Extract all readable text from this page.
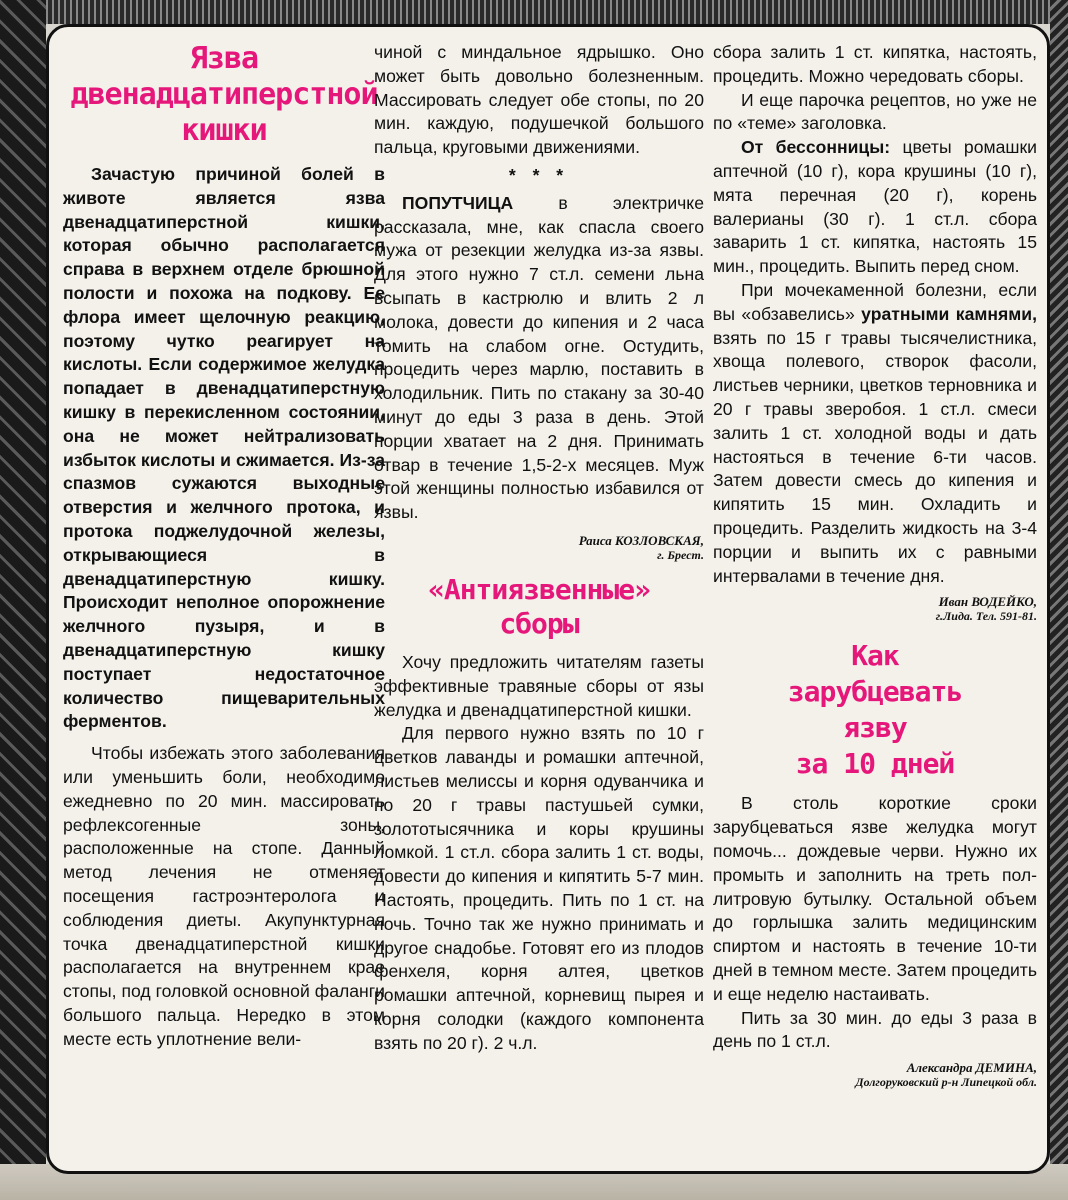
Язва
двенадцатиперстной
кишки

Зачастую причиной болей в животе является язва двенадцатиперстной кишки, которая обычно располагается справа в верхнем отделе брюшной полости и похожа на подкову. Ее флора имеет щелочную реакцию, поэтому чутко реагирует на кислоты. Если содержимое желудка попадает в двенадцатиперстную кишку в перекисленном состоянии, она не может нейтрализовать избыток кислоты и сжимается. Из-за спазмов сужаются выходные отверстия и желчного протока, и протока поджелудочной железы, открывающиеся в двенадцатиперстную кишку. Происходит неполное опорожнение желчного пузыря, и в двенадцатиперстную кишку поступает недостаточное количество пищеварительных ферментов.

Чтобы избежать этого заболевания или уменьшить боли, необходимо ежедневно по 20 мин. массировать рефлексогенные зоны, расположенные на стопе. Данный метод лечения не отменяет посещения гастроэнтеролога и соблюдения диеты. Акупунктурная точка двенадцатиперстной кишки располагается на внутреннем крае стопы, под головкой основной фаланги большого пальца. Нередко в этом месте есть уплотнение вели-

чиной с миндальное ядрышко. Оно может быть довольно болезненным. Массировать следует обе стопы, по 20 мин. каждую, подушечкой большого пальца, круговыми движениями.

* * *

ПОПУТЧИЦА в электричке рассказала, мне, как спасла своего мужа от резекции желудка из-за язвы. Для этого нужно 7 ст.л. семени льна всыпать в кастрюлю и влить 2 л молока, довести до кипения и 2 часа томить на слабом огне. Остудить, процедить через марлю, поставить в холодильник. Пить по стакану за 30-40 минут до еды 3 раза в день. Этой порции хватает на 2 дня. Принимать отвар в течение 1,5-2-х месяцев. Муж этой женщины полностью избавился от язвы.

Раиса КОЗЛОВСКАЯ,
г. Брест.
«Антиязвенные»
сборы

Хочу предложить читателям газеты эффективные травяные сборы от язы желудка и двенадцатиперстной кишки.

Для первого нужно взять по 10 г цветков лаванды и ромашки аптечной, листьев мелиссы и корня одуванчика и по 20 г травы пастушьей сумки, золототысячника и коры крушины ломкой. 1 ст.л. сбора залить 1 ст. воды, довести до кипения и кипятить 5-7 мин. Настоять, процедить. Пить по 1 ст. на ночь. Точно так же нужно принимать и другое снадобье. Готовят его из плодов фенхеля, корня алтея, цветков ромашки аптечной, корневищ пырея и корня солодки (каждого компонента взять по 20 г). 2 ч.л.

сбора залить 1 ст. кипятка, настоять, процедить. Можно чередовать сборы.

И еще парочка рецептов, но уже не по «теме» заголовка.

От бессонницы: цветы ромашки аптечной (10 г), кора крушины (10 г), мята перечная (20 г), корень валерианы (30 г). 1 ст.л. сбора заварить 1 ст. кипятка, настоять 15 мин., процедить. Выпить перед сном.

При мочекаменной болезни, если вы «обзавелись» уратными камнями, взять по 15 г травы тысячелистника, хвоща полевого, створок фасоли, листьев черники, цветков терновника и 20 г травы зверобоя. 1 ст.л. смеси залить 1 ст. холодной воды и дать настояться в течение 6-ти часов. Затем довести смесь до кипения и кипятить 15 мин. Охладить и процедить. Разделить жидкость на 3-4 порции и выпить их с равными интервалами в течение дня.

Иван ВОДЕЙКО,
г.Лида. Тел. 591-81.
Как
зарубцевать
язву
за 10 дней

В столь короткие сроки зарубцеваться язве желудка могут помочь... дождевые черви. Нужно их промыть и заполнить на треть пол-литровую бутылку. Остальной объем до горлышка залить медицинским спиртом и настоять в течение 10-ти дней в темном месте. Затем процедить и еще неделю настаивать.

Пить за 30 мин. до еды 3 раза в день по 1 ст.л.

Александра ДЕМИНА,
Долгоруковский р-н Липецкой обл.
